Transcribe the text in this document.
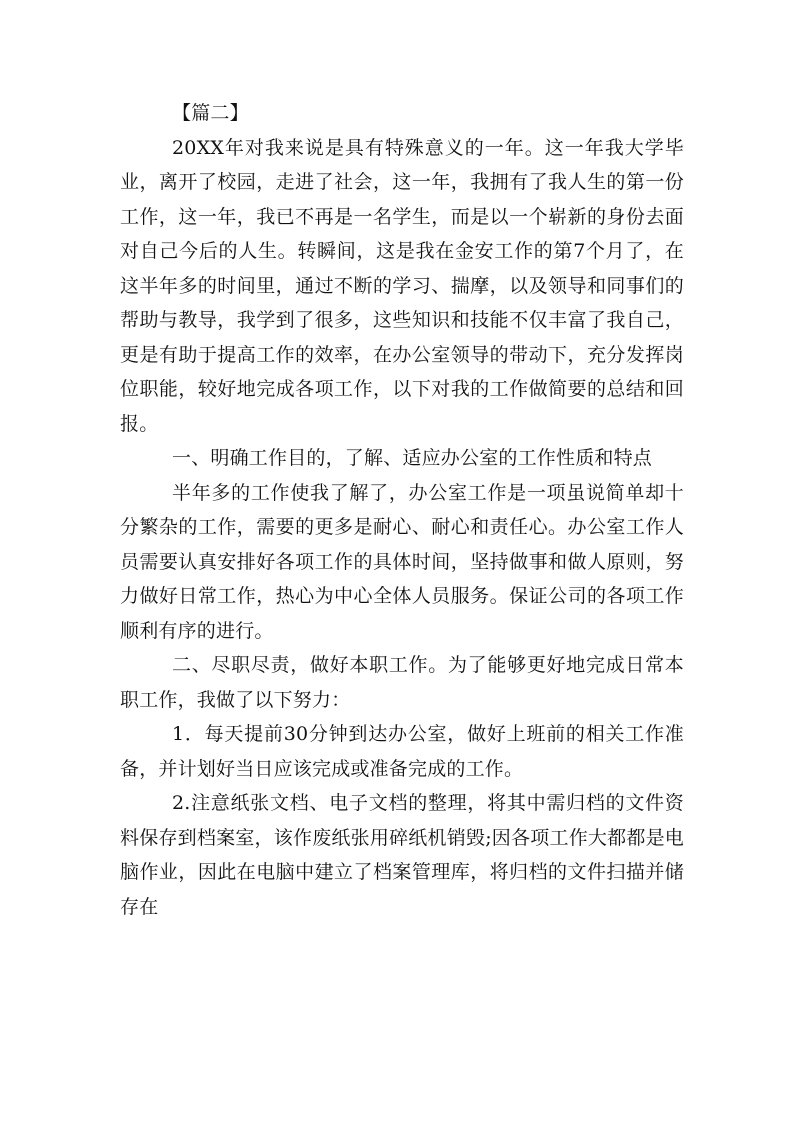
【篇二】

20XX年对我来说是具有特殊意义的一年。这一年我大学毕业，离开了校园，走进了社会，这一年，我拥有了我人生的第一份工作，这一年，我已不再是一名学生，而是以一个崭新的身份去面对自己今后的人生。转瞬间，这是我在金安工作的第7个月了，在这半年多的时间里，通过不断的学习、揣摩，以及领导和同事们的帮助与教导，我学到了很多，这些知识和技能不仅丰富了我自己，更是有助于提高工作的效率，在办公室领导的带动下，充分发挥岗位职能，较好地完成各项工作，以下对我的工作做简要的总结和回报。

一、明确工作目的，了解、适应办公室的工作性质和特点

半年多的工作使我了解了，办公室工作是一项虽说简单却十分繁杂的工作，需要的更多是耐心、耐心和责任心。办公室工作人员需要认真安排好各项工作的具体时间，坚持做事和做人原则，努力做好日常工作，热心为中心全体人员服务。保证公司的各项工作顺利有序的进行。

二、尽职尽责，做好本职工作。为了能够更好地完成日常本职工作，我做了以下努力：

1．每天提前30分钟到达办公室，做好上班前的相关工作准备，并计划好当日应该完成或准备完成的工作。

2.注意纸张文档、电子文档的整理，将其中需归档的文件资料保存到档案室，该作废纸张用碎纸机销毁;因各项工作大都都是电脑作业，因此在电脑中建立了档案管理库，将归档的文件扫描并储存在
